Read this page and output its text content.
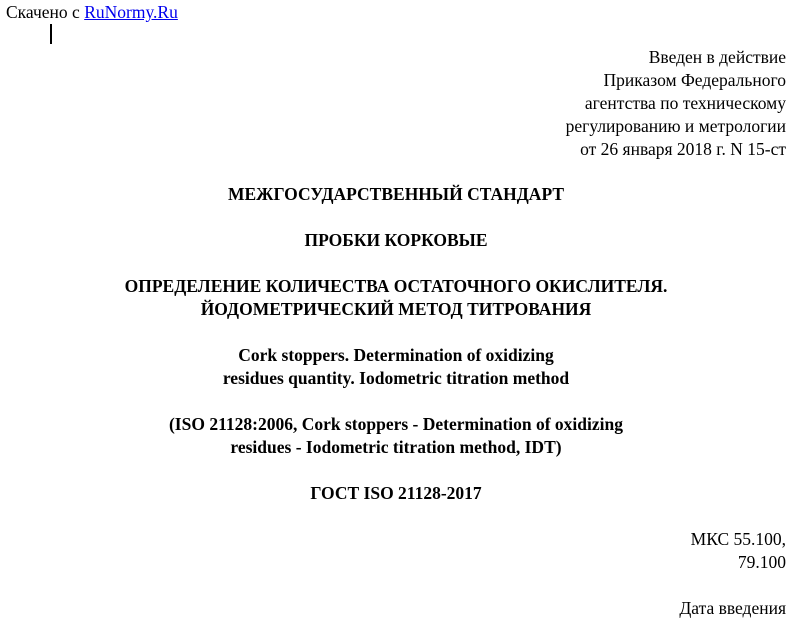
Скачено с RuNormy.Ru
Введен в действие
Приказом Федерального
агентства по техническому
регулированию и метрологии
от 26 января 2018 г. N 15-ст
МЕЖГОСУДАРСТВЕННЫЙ СТАНДАРТ
ПРОБКИ КОРКОВЫЕ
ОПРЕДЕЛЕНИЕ КОЛИЧЕСТВА ОСТАТОЧНОГО ОКИСЛИТЕЛЯ.
ЙОДОМЕТРИЧЕСКИЙ МЕТОД ТИТРОВАНИЯ
Cork stoppers. Determination of oxidizing
residues quantity. Iodometric titration method
(ISO 21128:2006, Cork stoppers - Determination of oxidizing
residues - Iodometric titration method, IDT)
ГОСТ ISO 21128-2017
МКС 55.100,
79.100
Дата введения
